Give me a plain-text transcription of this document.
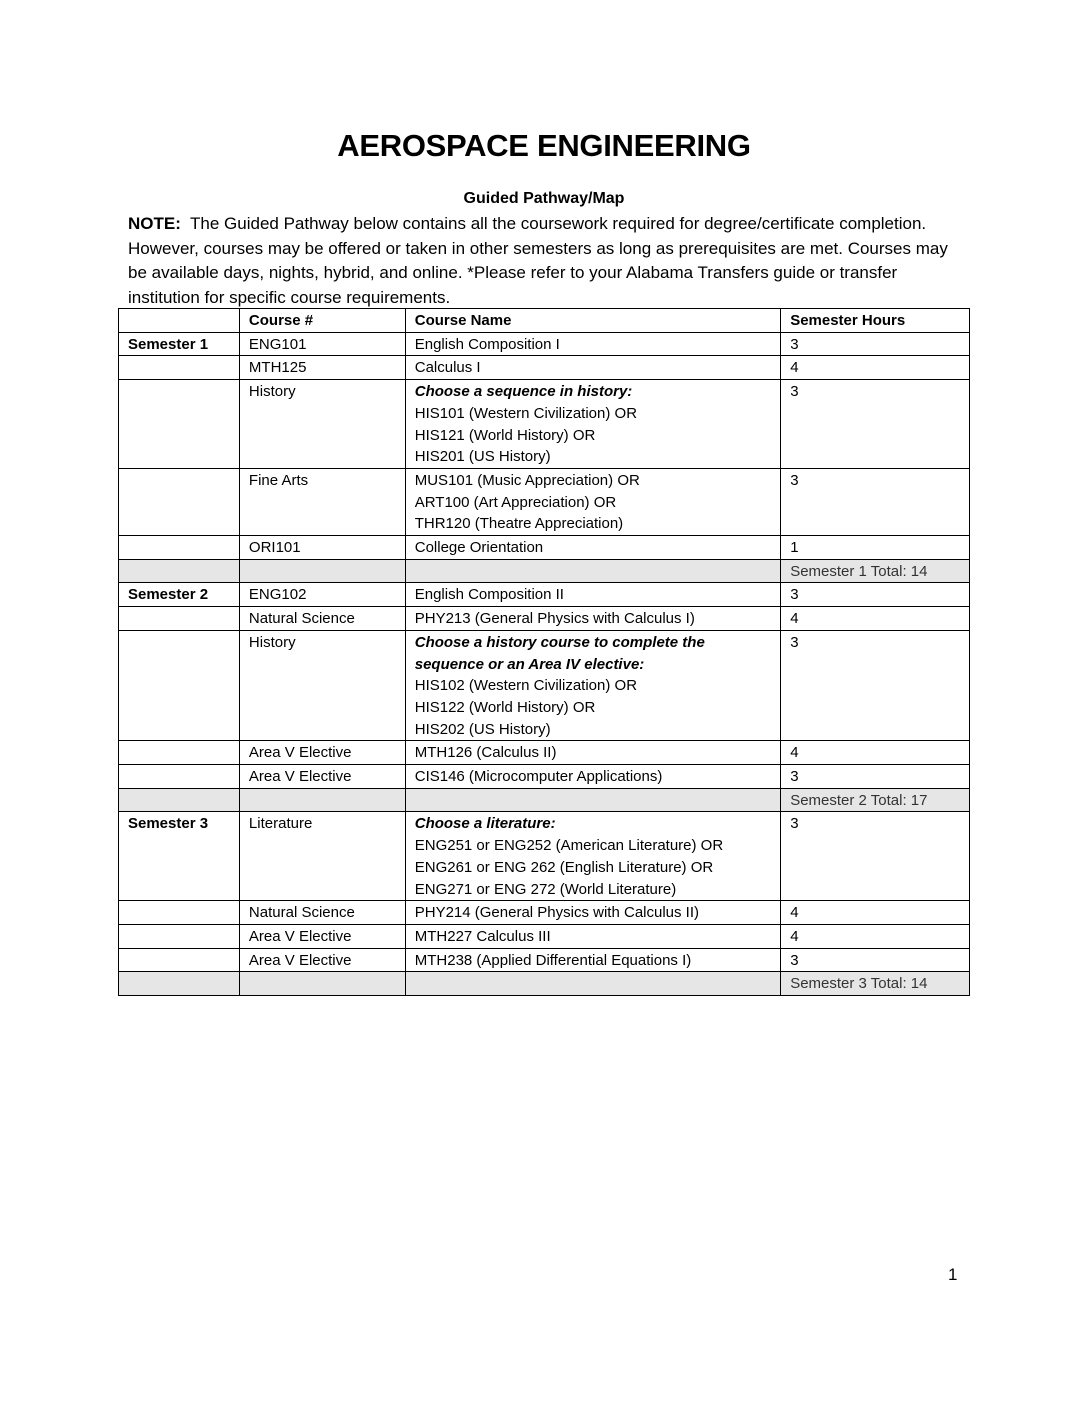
AEROSPACE ENGINEERING
Guided Pathway/Map
NOTE: The Guided Pathway below contains all the coursework required for degree/certificate completion. However, courses may be offered or taken in other semesters as long as prerequisites are met. Courses may be available days, nights, hybrid, and online. *Please refer to your Alabama Transfers guide or transfer institution for specific course requirements.
	Course #	Course Name	Semester Hours
Semester 1	ENG101	English Composition I	3
	MTH125	Calculus I	4
	History	Choose a sequence in history:
HIS101 (Western Civilization) OR
HIS121 (World History) OR
HIS201 (US History)	3
	Fine Arts	MUS101 (Music Appreciation) OR
ART100 (Art Appreciation) OR
THR120 (Theatre Appreciation)	3
	ORI101	College Orientation	1
			Semester 1 Total: 14
Semester 2	ENG102	English Composition II	3
	Natural Science	PHY213 (General Physics with Calculus I)	4
	History	Choose a history course to complete the sequence or an Area IV elective:
HIS102 (Western Civilization) OR
HIS122 (World History) OR
HIS202 (US History)	3
	Area V Elective	MTH126 (Calculus II)	4
	Area V Elective	CIS146 (Microcomputer Applications)	3
			Semester 2 Total: 17
Semester 3	Literature	Choose a literature:
ENG251 or ENG252 (American Literature) OR
ENG261 or ENG 262 (English Literature) OR
ENG271 or ENG 272 (World Literature)	3
	Natural Science	PHY214 (General Physics with Calculus II)	4
	Area V Elective	MTH227 Calculus III	4
	Area V Elective	MTH238 (Applied Differential Equations I)	3
			Semester 3 Total: 14
1
